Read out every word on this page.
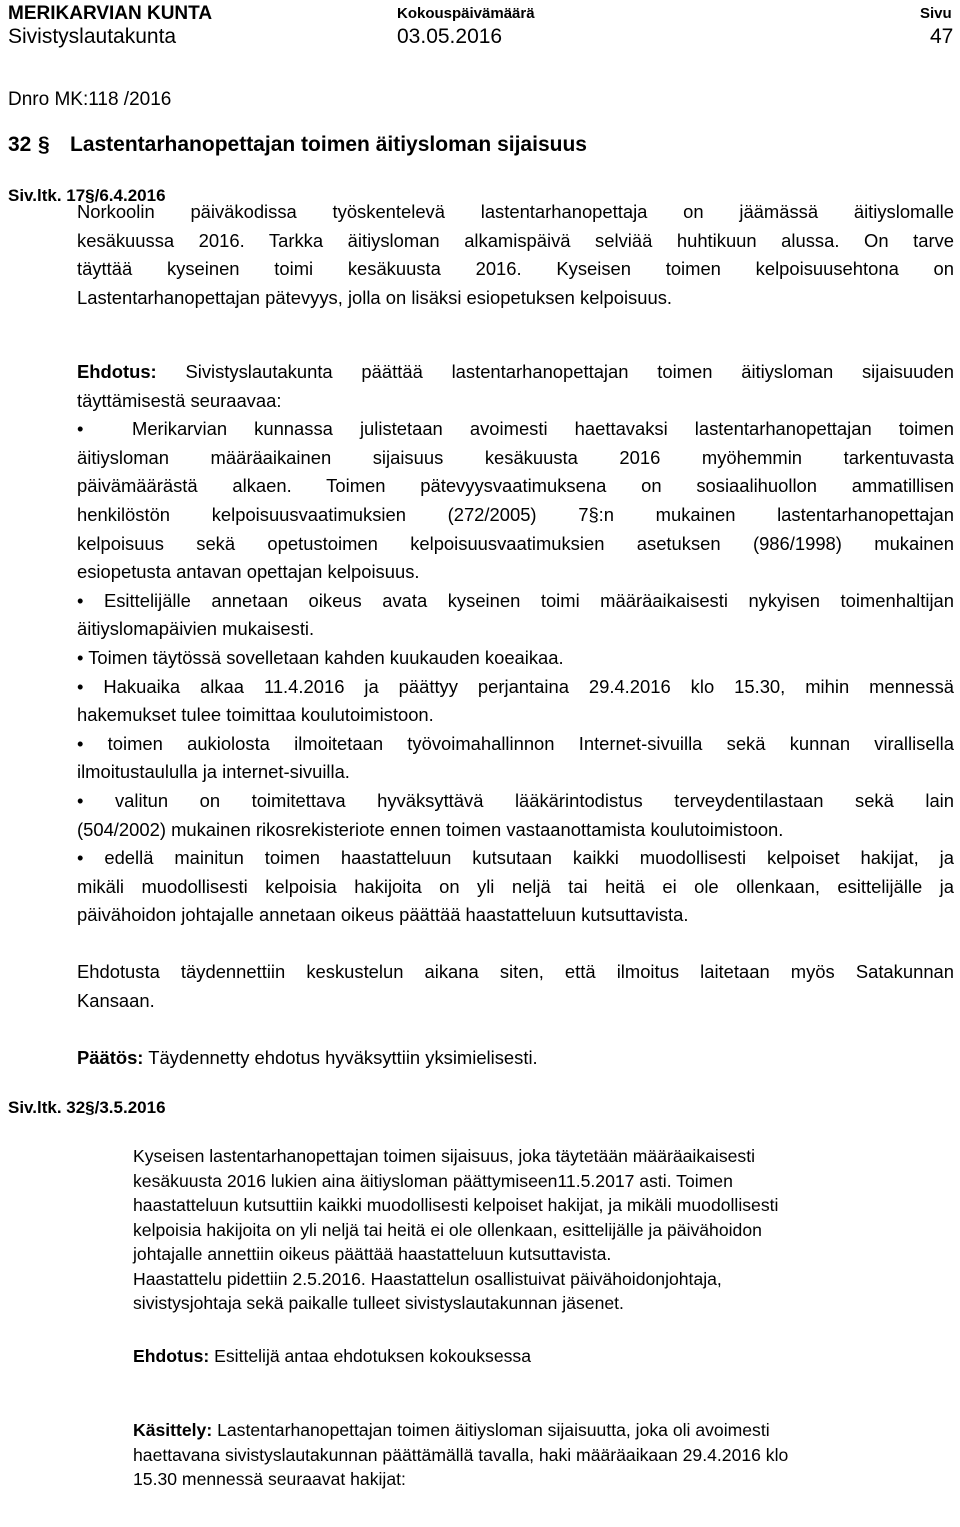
MERIKARVIAN KUNTA
Sivistyslautakunta
Kokouspäivämäärä
03.05.2016
Sivu
47
Dnro MK:118 /2016
32 § Lastentarhanopettajan toimen äitiysloman sijaisuus
Siv.ltk. 17§/6.4.2016
Norkoolin päiväkodissa työskentelevä lastentarhanopettaja on jäämässä äitiyslomalle
kesäkuussa 2016. Tarkka äitiysloman alkamispäivä selviää huhtikuun alussa. On tarve
täyttää kyseinen toimi kesäkuusta 2016. Kyseisen toimen kelpoisuusehtona on
Lastentarhanopettajan pätevyys, jolla on lisäksi esiopetuksen kelpoisuus.
Ehdotus: Sivistyslautakunta päättää lastentarhanopettajan toimen äitiysloman sijaisuuden
täyttämisestä seuraavaa:
•	Merikarvian kunnassa julistetaan avoimesti haettavaksi lastentarhanopettajan toimen
äitiysloman määräaikainen sijaisuus kesäkuusta 2016 myöhemmin tarkentuvasta
päivämäärästä alkaen. Toimen pätevyysvaatimuksena on sosiaalihuollon ammatillisen
henkilöstön kelpoisuusvaatimuksien (272/2005) 7§:n mukainen lastentarhanopettajan
kelpoisuus sekä opetustoimen kelpoisuusvaatimuksien asetuksen (986/1998) mukainen
esiopetusta antavan opettajan kelpoisuus.
• Esittelijälle annetaan oikeus avata kyseinen toimi määräaikaisesti nykyisen toimenhaltijan
äitiyslomapäivien mukaisesti.
• Toimen täytössä sovelletaan kahden kuukauden koeaikaa.
• Hakuaika alkaa 11.4.2016 ja päättyy perjantaina 29.4.2016 klo 15.30, mihin mennessä
hakemukset tulee toimittaa koulutoimistoon.
• toimen aukiolosta ilmoitetaan työvoimahallinnon Internet-sivuilla sekä kunnan virallisella
ilmoitustaululla ja internet-sivuilla.
• valitun on toimitettava hyväksyttävä lääkärintodistus terveydentilastaan sekä lain
(504/2002) mukainen rikosrekisteriote ennen toimen vastaanottamista koulutoimistoon.
• edellä mainitun toimen haastatteluun kutsutaan kaikki muodollisesti kelpoiset hakijat, ja
mikäli muodollisesti kelpoisia hakijoita on yli neljä tai heitä ei ole ollenkaan, esittelijälle ja
päivähoidon johtajalle annetaan oikeus päättää haastatteluun kutsuttavista.
Ehdotusta täydennettiin keskustelun aikana siten, että ilmoitus laitetaan myös Satakunnan
Kansaan.
Päätös: Täydennetty ehdotus hyväksyttiin yksimielisesti.
Siv.ltk. 32§/3.5.2016
Kyseisen lastentarhanopettajan toimen sijaisuus, joka täytetään määräaikaisesti
kesäkuusta 2016 lukien aina äitiysloman päättymiseen11.5.2017 asti. Toimen
haastatteluun kutsuttiin kaikki muodollisesti kelpoiset hakijat, ja mikäli muodollisesti
kelpoisia hakijoita on yli neljä tai heitä ei ole ollenkaan, esittelijälle ja päivähoidon
johtajalle annettiin oikeus päättää haastatteluun kutsuttavista.
Haastattelu pidettiin 2.5.2016. Haastattelun osallistuivat päivähoidonjohtaja,
sivistysjohtaja sekä paikalle tulleet sivistyslautakunnan jäsenet.
Ehdotus: Esittelijä antaa ehdotuksen kokouksessa
Käsittely: Lastentarhanopettajan toimen äitiysloman sijaisuutta, joka oli avoimesti
haettavana sivistyslautakunnan päättämällä tavalla, haki määräaikaan 29.4.2016 klo
15.30 mennessä seuraavat hakijat:
